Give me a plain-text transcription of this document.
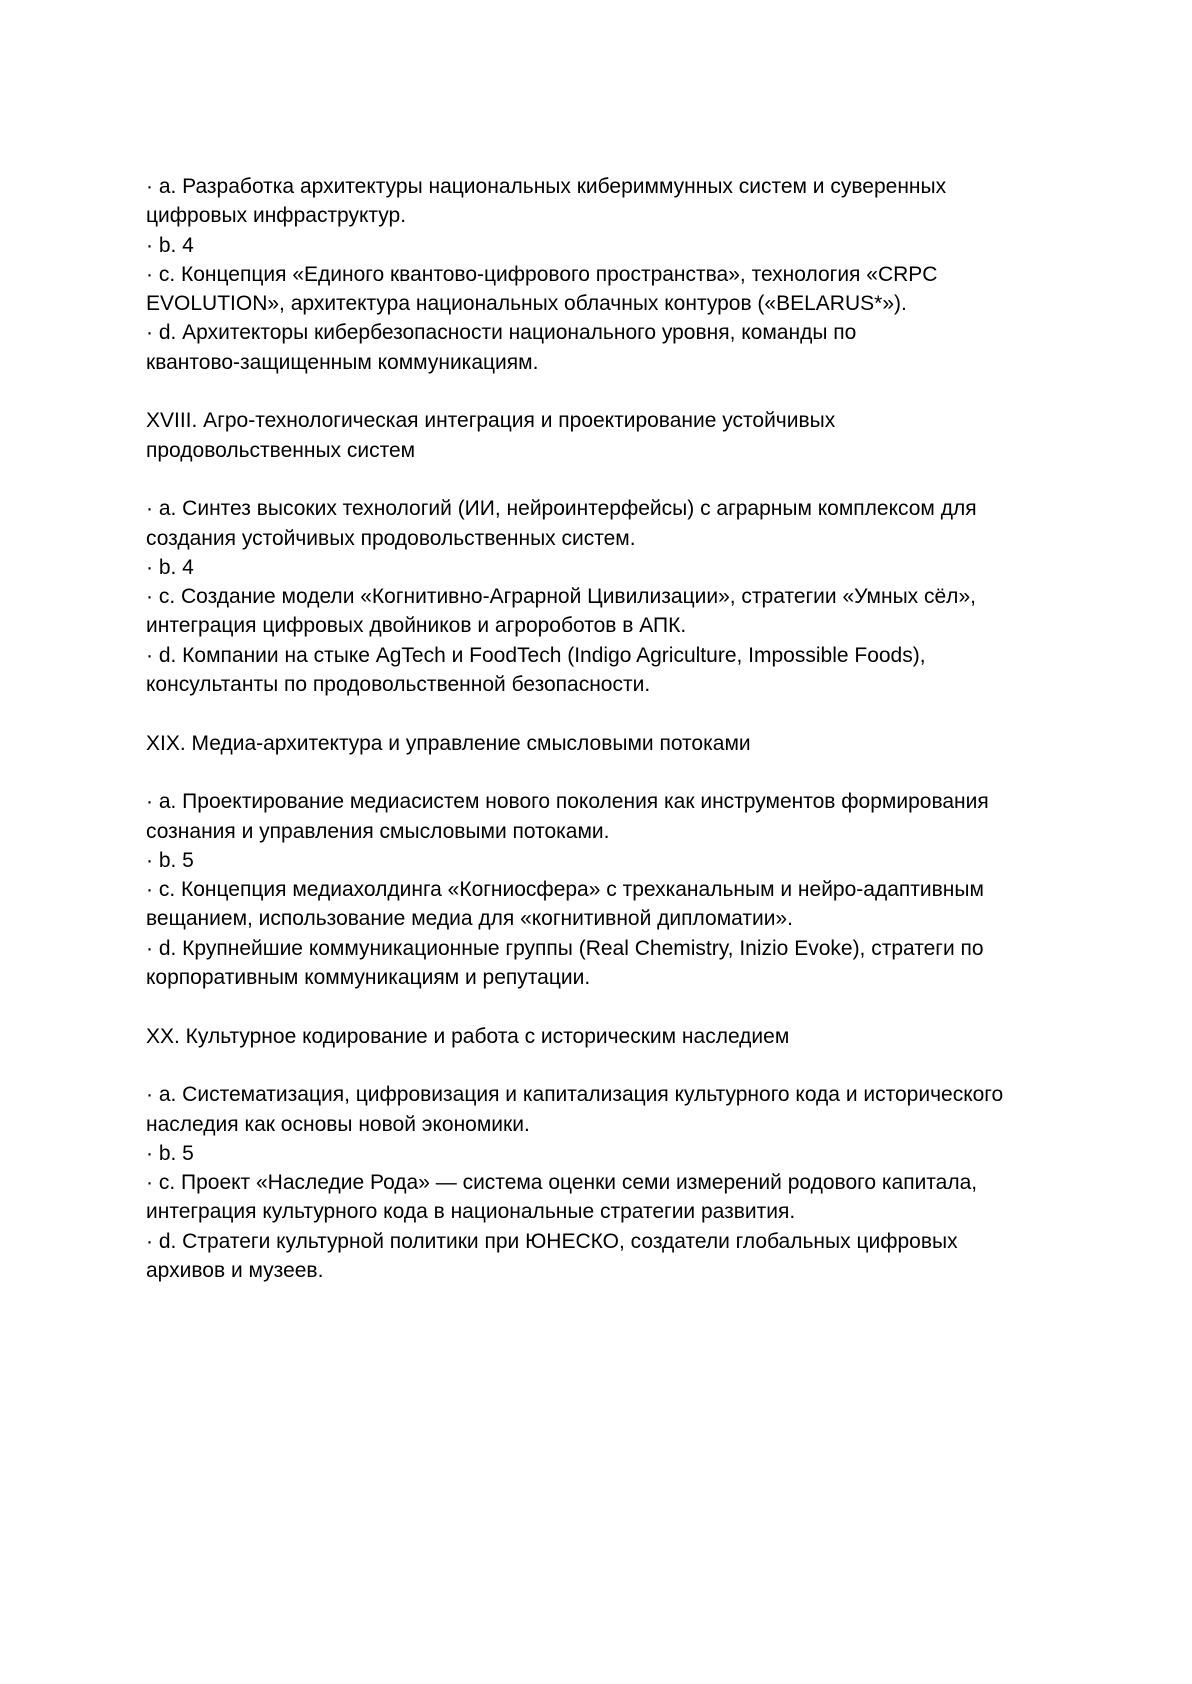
· a. Разработка архитектуры национальных кибериммунных систем и суверенных
цифровых инфраструктур.
· b. 4
· c. Концепция «Единого квантово-цифрового пространства», технология «CRPC
EVOLUTION», архитектура национальных облачных контуров («BELARUS*»).
· d. Архитекторы кибербезопасности национального уровня, команды по
квантово-защищенным коммуникациям.
XVIII. Агро-технологическая интеграция и проектирование устойчивых
продовольственных систем
· a. Синтез высоких технологий (ИИ, нейроинтерфейсы) с аграрным комплексом для
создания устойчивых продовольственных систем.
· b. 4
· c. Создание модели «Когнитивно-Аграрной Цивилизации», стратегии «Умных сёл»,
интеграция цифровых двойников и агророботов в АПК.
· d. Компании на стыке AgTech и FoodTech (Indigo Agriculture, Impossible Foods),
консультанты по продовольственной безопасности.
XIX. Медиа-архитектура и управление смысловыми потоками
· a. Проектирование медиасистем нового поколения как инструментов формирования
сознания и управления смысловыми потоками.
· b. 5
· c. Концепция медиахолдинга «Когниосфера» с трехканальным и нейро-адаптивным
вещанием, использование медиа для «когнитивной дипломатии».
· d. Крупнейшие коммуникационные группы (Real Chemistry, Inizio Evoke), стратеги по
корпоративным коммуникациям и репутации.
XX. Культурное кодирование и работа с историческим наследием
· a. Систематизация, цифровизация и капитализация культурного кода и исторического
наследия как основы новой экономики.
· b. 5
· c. Проект «Наследие Рода» — система оценки семи измерений родового капитала,
интеграция культурного кода в национальные стратегии развития.
· d. Стратеги культурной политики при ЮНЕСКО, создатели глобальных цифровых
архивов и музеев.
